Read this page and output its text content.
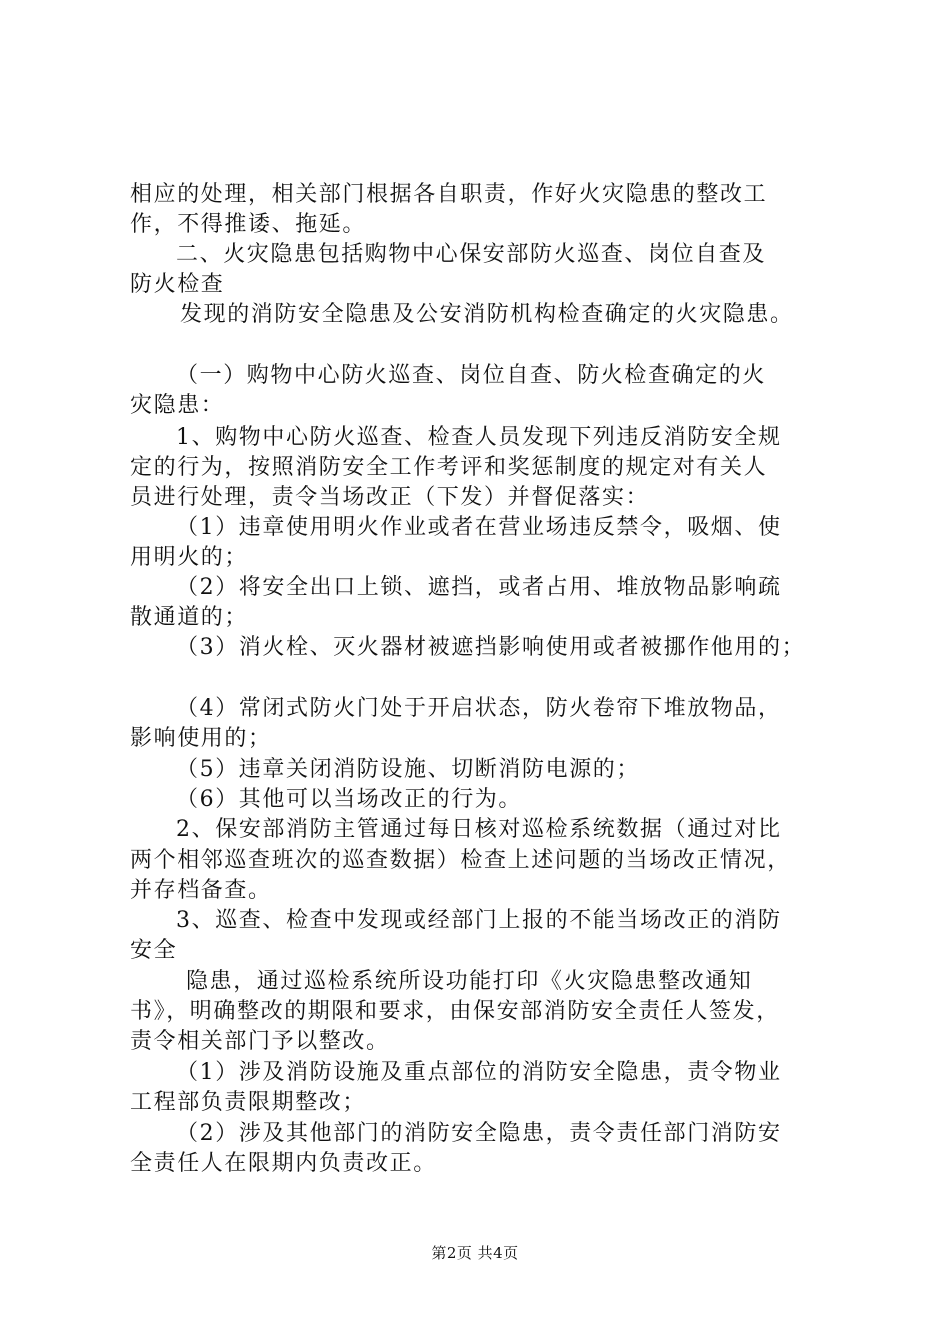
相应的处理，相关部门根据各自职责，作好火灾隐患的整改工
作，不得推诿、拖延。
二、火灾隐患包括购物中心保安部防火巡查、岗位自查及
防火检查
发现的消防安全隐患及公安消防机构检查确定的火灾隐患。
（一）购物中心防火巡查、岗位自查、防火检查确定的火
灾隐患：
1、购物中心防火巡查、检查人员发现下列违反消防安全规
定的行为，按照消防安全工作考评和奖惩制度的规定对有关人
员进行处理，责令当场改正（下发）并督促落实：
（1）违章使用明火作业或者在营业场违反禁令，吸烟、使
用明火的；
（2）将安全出口上锁、遮挡，或者占用、堆放物品影响疏
散通道的；
（3）消火栓、灭火器材被遮挡影响使用或者被挪作他用的；
（4）常闭式防火门处于开启状态，防火卷帘下堆放物品，
影响使用的；
（5）违章关闭消防设施、切断消防电源的；
（6）其他可以当场改正的行为。
2、保安部消防主管通过每日核对巡检系统数据（通过对比
两个相邻巡查班次的巡查数据）检查上述问题的当场改正情况，
并存档备查。
3、巡查、检查中发现或经部门上报的不能当场改正的消防
安全
隐患，通过巡检系统所设功能打印《火灾隐患整改通知
书》，明确整改的期限和要求，由保安部消防安全责任人签发，
责令相关部门予以整改。
（1）涉及消防设施及重点部位的消防安全隐患，责令物业
工程部负责限期整改；
（2）涉及其他部门的消防安全隐患，责令责任部门消防安
全责任人在限期内负责改正。
第2页 共4页
